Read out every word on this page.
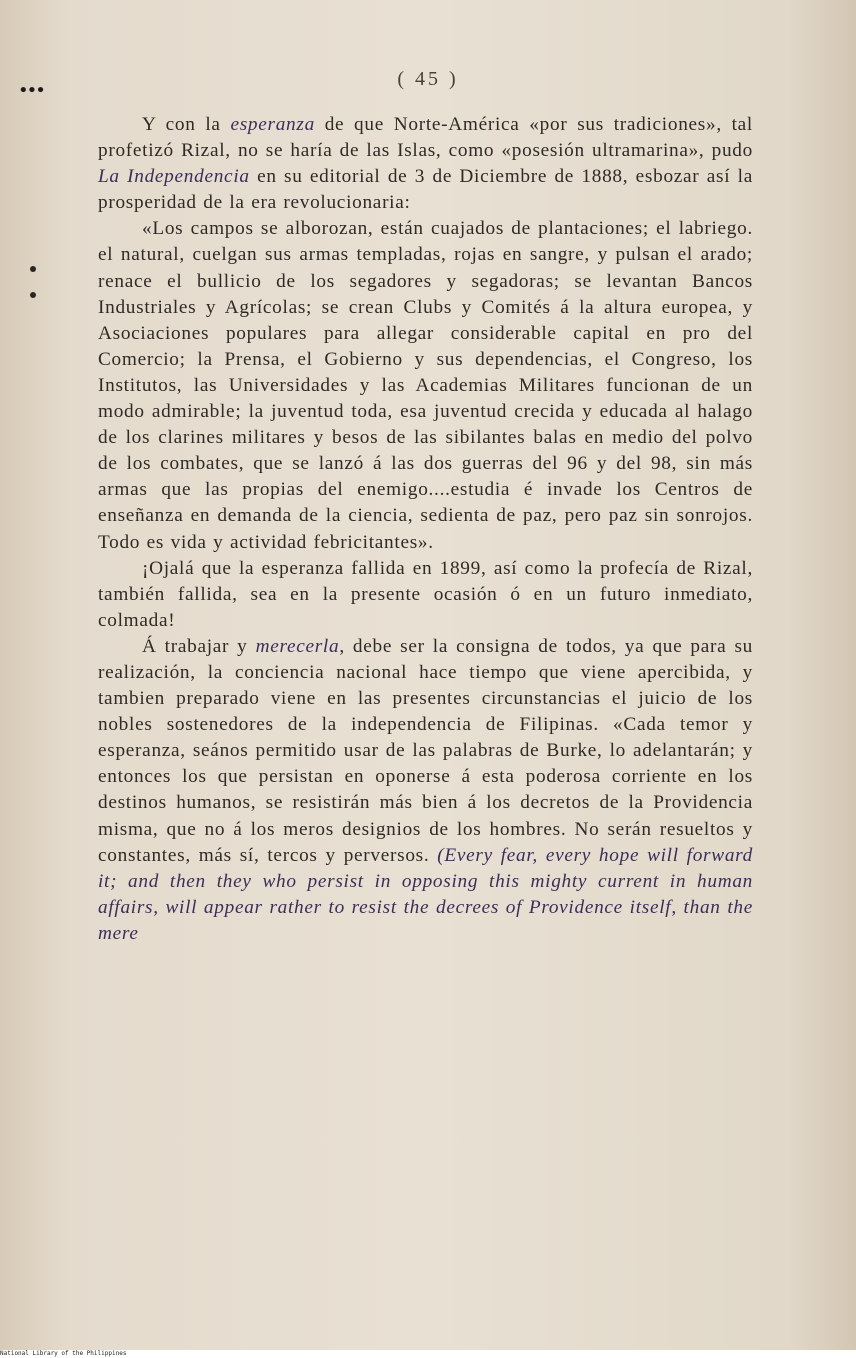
•••
( 45 )

Y con la esperanza de que Norte-América «por sus tradiciones», tal profetizó Rizal, no se haría de las Islas, como «posesión ultramarina», pudo La Independencia en su editorial de 3 de Diciembre de 1888, esbozar así la prosperidad de la era revolucionaria:

«Los campos se alborozan, están cuajados de plantaciones; el labriego. el natural, cuelgan sus armas templadas, rojas en sangre, y pulsan el arado; renace el bullicio de los segadores y segadoras; se levantan Bancos Industriales y Agrícolas; se crean Clubs y Comités á la altura europea, y Asociaciones populares para allegar considerable capital en pro del Comercio; la Prensa, el Gobierno y sus dependencias, el Congreso, los Institutos, las Universidades y las Academias Militares funcionan de un modo admirable; la juventud toda, esa juventud crecida y educada al halago de los clarines militares y besos de las sibilantes balas en medio del polvo de los combates, que se lanzó á las dos guerras del 96 y del 98, sin más armas que las propias del enemigo....estudia é invade los Centros de enseñanza en demanda de la ciencia, sedienta de paz, pero paz sin sonrojos. Todo es vida y actividad febricitantes».

¡Ojalá que la esperanza fallida en 1899, así como la profecía de Rizal, también fallida, sea en la presente ocasión ó en un futuro inmediato, colmada!

Á trabajar y merecerla, debe ser la consigna de todos, ya que para su realización, la conciencia nacional hace tiempo que viene apercibida, y tambien preparado viene en las presentes circunstancias el juicio de los nobles sostenedores de la independencia de Filipinas. «Cada temor y esperanza, seános permitido usar de las palabras de Burke, lo adelantarán; y entonces los que persistan en oponerse á esta poderosa corriente en los destinos humanos, se resistirán más bien á los decretos de la Providencia misma, que no á los meros designios de los hombres. No serán resueltos y constantes, más sí, tercos y perversos. (Every fear, every hope will forward it; and then they who persist in opposing this mighty current in human affairs, will appear rather to resist the decrees of Providence itself, than the mere

National Library of the Philippines
